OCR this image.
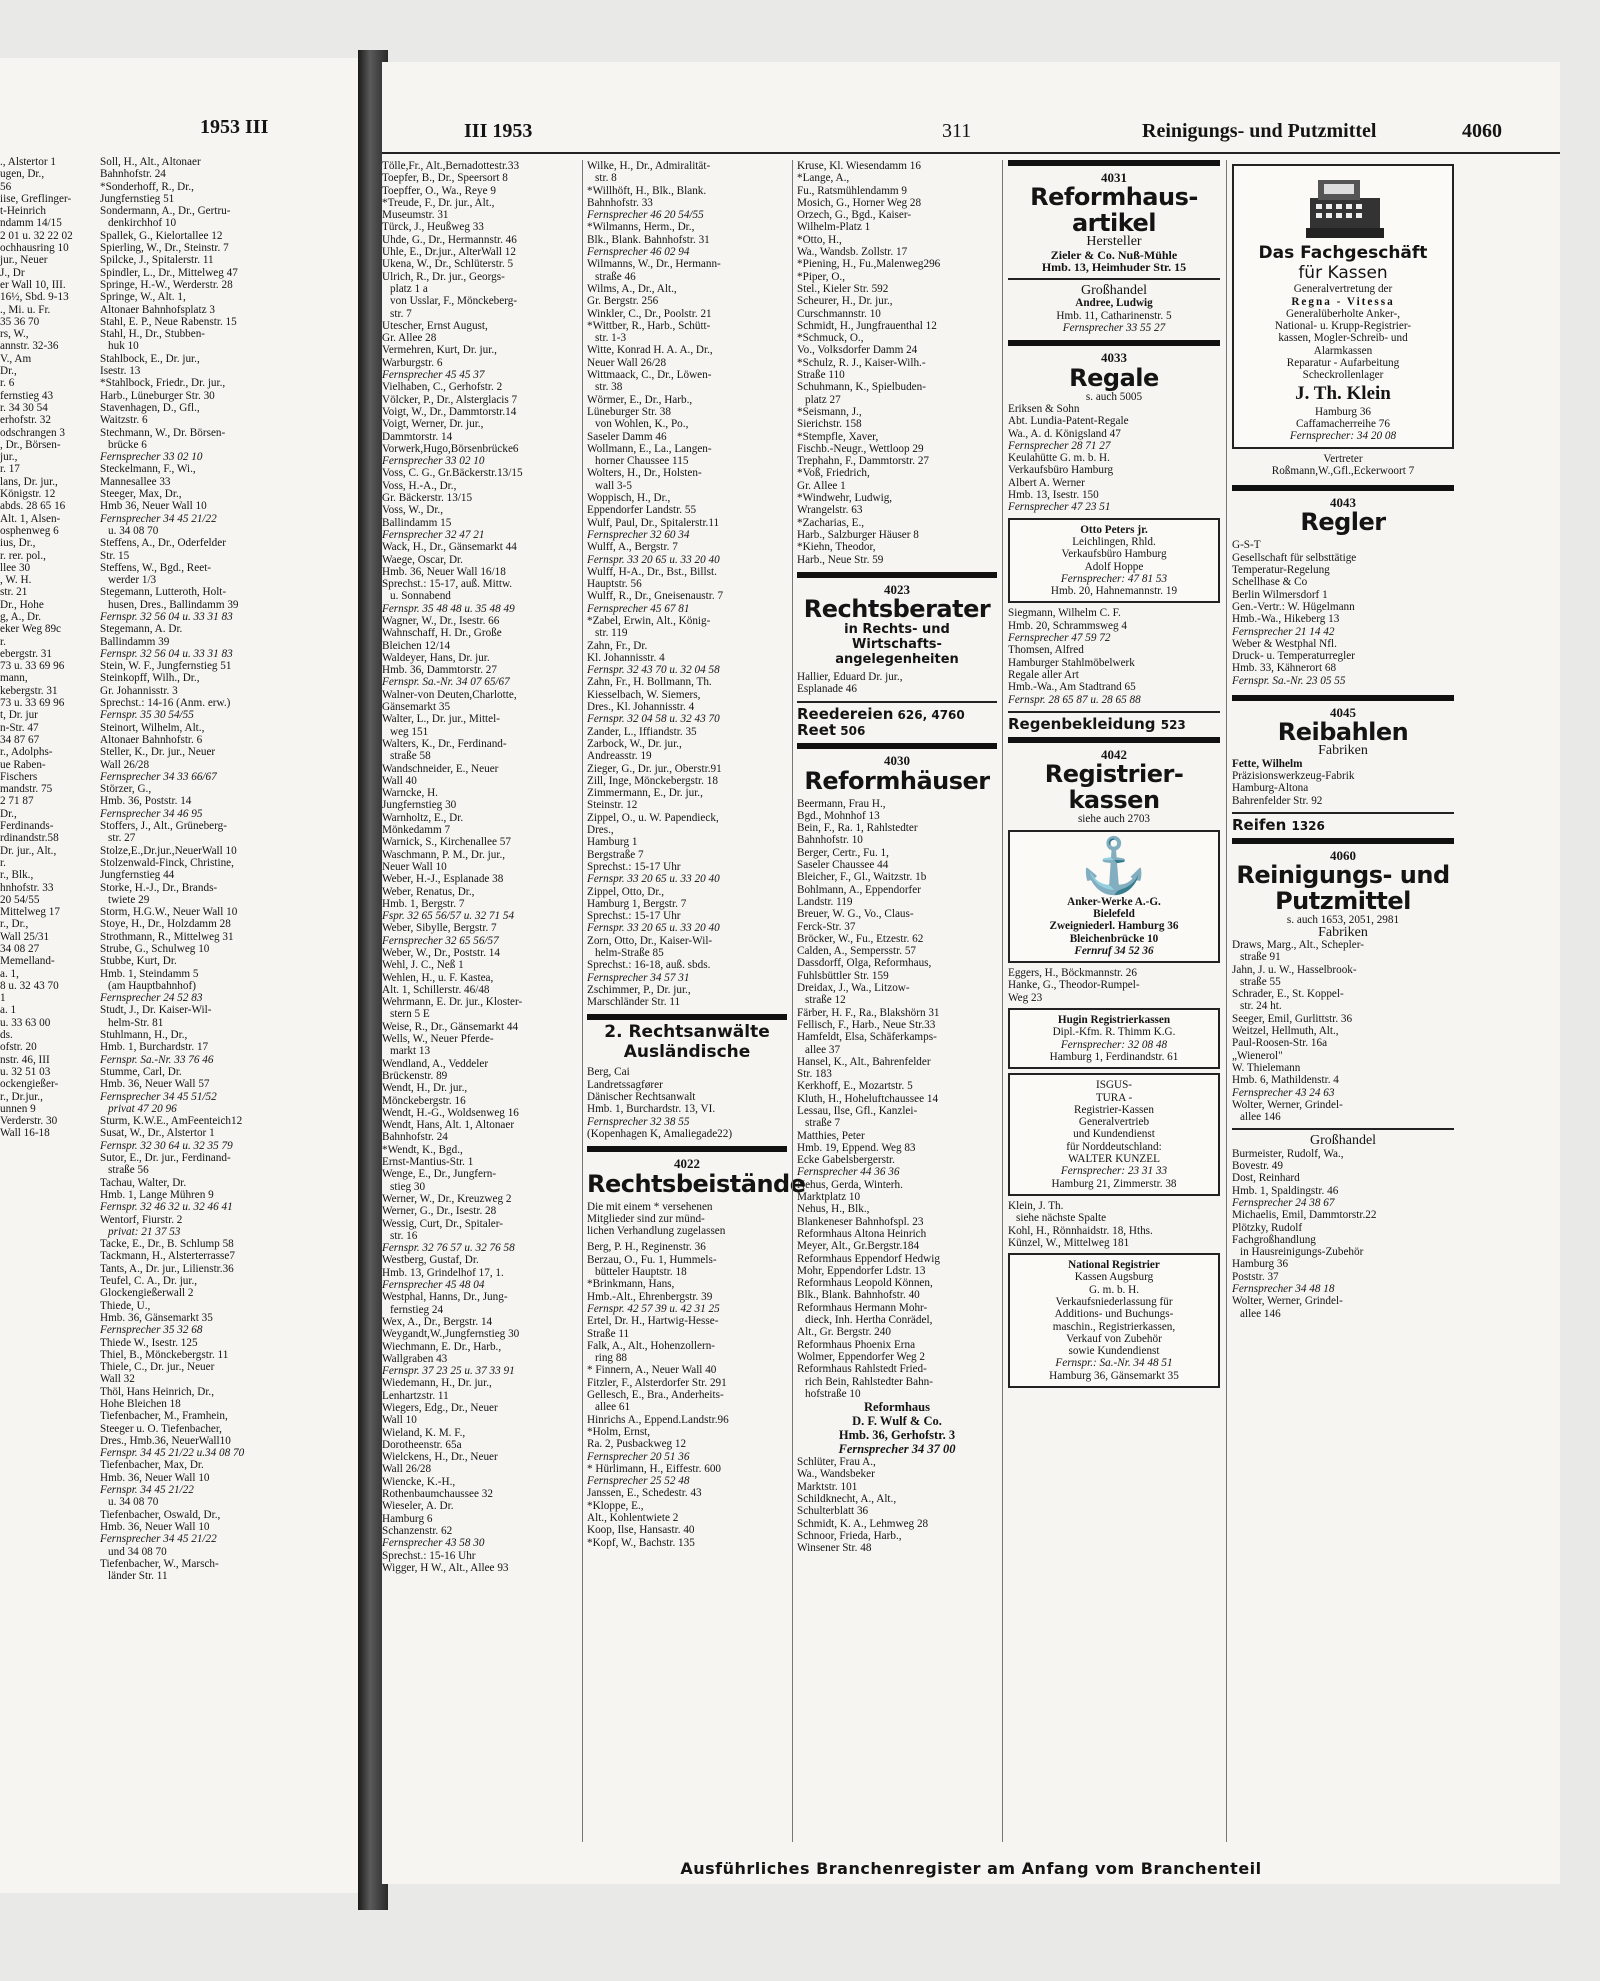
1953 III
., Alstertor 1
ugen, Dr.,
56
iise, Greflinger-
t-Heinrich
ndamm 14/15
2 01 u. 32 22 02
ochhausring 10
jur., Neuer
J., Dr
er Wall 10, III.
16½, Sbd. 9-13
., Mi. u. Fr.
35 36 70
rs, W.,
annstr. 32-36
V., Am
Dr.,
r. 6
fernstieg 43
r. 34 30 54
erhofstr. 32
odschrangen 3
, Dr., Börsen-
jur.,
r. 17
lans, Dr. jur.,
Königstr. 12
abds. 28 65 16
Alt. 1, Alsen-
osphenweg 6
ius, Dr.,
r. rer. pol.,
llee 30
, W. H.
str. 21
Dr., Hohe
g, A., Dr.
eker Weg 89c
r.
ebergstr. 31
73 u. 33 69 96
mann,
kebergstr. 31
73 u. 33 69 96
t, Dr. jur
n-Str. 47
34 87 67
r., Adolphs-
ue Raben-
Fischers
mandstr. 75
2 71 87
Dr.,
Ferdinands-
rdinandstr.58
Dr. jur., Alt.,
r.
r., Blk.,
hnhofstr. 33
20 54/55
Mittelweg 17
r., Dr.,
Wall 25/31
34 08 27
Memelland-
a. 1,
8 u. 32 43 70
1
a. 1
u. 33 63 00
ds.
ofstr. 20
nstr. 46, III
u. 32 51 03
ockengießer-
r., Dr.jur.,
unnen 9
Verderstr. 30
Wall 16-18
Soll, H., Alt., Altonaer
Bahnhofstr. 24
*Sonderhoff, R., Dr.,
Jungfernstieg 51
Sondermann, A., Dr., Gertru-
denkirchhof 10
Spallek, G., Kielortallee 12
Spierling, W., Dr., Steinstr. 7
Spilcke, J., Spitalerstr. 11
Spindler, L., Dr., Mittelweg 47
Springe, H.-W., Werderstr. 28
Springe, W., Alt. 1,
Altonaer Bahnhofsplatz 3
Stahl, E. P., Neue Rabenstr. 15
Stahl, H., Dr., Stubben-
huk 10
Stahlbock, E., Dr. jur.,
Isestr. 13
*Stahlbock, Friedr., Dr. jur.,
Harb., Lüneburger Str. 30
Stavenhagen, D., Gfl.,
Waitzstr. 6
Stechmann, W., Dr. Börsen-
brücke 6
Fernsprecher 33 02 10
Steckelmann, F., Wi.,
Mannesallee 33
Steeger, Max, Dr.,
Hmb 36, Neuer Wall 10
Fernsprecher 34 45 21/22
u. 34 08 70
Steffens, A., Dr., Oderfelder
Str. 15
Steffens, W., Bgd., Reet-
werder 1/3
Stegemann, Lutteroth, Holt-
husen, Dres., Ballindamm 39
Fernspr. 32 56 04 u. 33 31 83
Stegemann, A. Dr.
Ballindamm 39
Fernspr. 32 56 04 u. 33 31 83
Stein, W. F., Jungfernstieg 51
Steinkopff, Wilh., Dr.,
Gr. Johannisstr. 3
Sprechst.: 14-16 (Anm. erw.)
Fernspr. 35 30 54/55
Steinort, Wilhelm, Alt.,
Altonaer Bahnhofstr. 6
Steller, K., Dr. jur., Neuer
Wall 26/28
Fernsprecher 34 33 66/67
Störzer, G.,
Hmb. 36, Poststr. 14
Fernsprecher 34 46 95
Stoffers, J., Alt., Grüneberg-
str. 27
Stolze,E.,Dr.jur.,NeuerWall 10
Stolzenwald-Finck, Christine,
Jungfernstieg 44
Storke, H.-J., Dr., Brands-
twiete 29
Storm, H.G.W., Neuer Wall 10
Stoye, H., Dr., Holzdamm 28
Strothmann, R., Mittelweg 31
Strube, G., Schulweg 10
Stubbe, Kurt, Dr.
Hmb. 1, Steindamm 5
(am Hauptbahnhof)
Fernsprecher 24 52 83
Studt, J., Dr. Kaiser-Wil-
helm-Str. 81
Stuhlmann, H., Dr.,
Hmb. 1, Burchardstr. 17
Fernspr. Sa.-Nr. 33 76 46
Stumme, Carl, Dr.
Hmb. 36, Neuer Wall 57
Fernsprecher 34 45 51/52
privat 47 20 96
Sturm, K.W.E., AmFeenteich12
Susat, W., Dr., Alstertor 1
Fernspr. 32 30 64 u. 32 35 79
Sutor, E., Dr. jur., Ferdinand-
straße 56
Tachau, Walter, Dr.
Hmb. 1, Lange Mühren 9
Fernspr. 32 46 32 u. 32 46 41
Wentorf, Fiurstr. 2
privat: 21 37 53
Tacke, E., Dr., B. Schlump 58
Tackmann, H., Alsterterrasse7
Tants, A., Dr. jur., Lilienstr.36
Teufel, C. A., Dr. jur.,
Glockengießerwall 2
Thiede, U.,
Hmb. 36, Gänsemarkt 35
Fernsprecher 35 32 68
Thiede W., Isestr. 125
Thiel, B., Mönckebergstr. 11
Thiele, C., Dr. jur., Neuer
Wall 32
Thöl, Hans Heinrich, Dr.,
Hohe Bleichen 18
Tiefenbacher, M., Framhein,
Steeger u. O. Tiefenbacher,
Dres., Hmb.36, NeuerWall10
Fernspr. 34 45 21/22 u.34 08 70
Tiefenbacher, Max, Dr.
Hmb. 36, Neuer Wall 10
Fernspr. 34 45 21/22
u. 34 08 70
Tiefenbacher, Oswald, Dr.,
Hmb. 36, Neuer Wall 10
Fernsprecher 34 45 21/22
und 34 08 70
Tiefenbacher, W., Marsch-
länder Str. 11
III 1953	311	Reinigungs- und Putzmittel	4060
Tölle,Fr., Alt.,Bernadottestr.33
Toepfer, B., Dr., Speersort 8
Toepffer, O., Wa., Reye 9
*Treude, F., Dr. jur., Alt.,
Museumstr. 31
Türck, J., Heußweg 33
Uhde, G., Dr., Hermannstr. 46
Uhle, E., Dr.jur., AlterWall 12
Ukena, W., Dr., Schlüterstr. 5
Ulrich, R., Dr. jur., Georgs-
platz 1 a
von Usslar, F., Mönckeberg-
str. 7
Utescher, Ernst August,
Gr. Allee 28
Vermehren, Kurt, Dr. jur.,
Warburgstr. 6
Fernsprecher 45 45 37
Vielhaben, C., Gerhofstr. 2
Völcker, P., Dr., Alsterglacis 7
Voigt, W., Dr., Dammtorstr.14
Voigt, Werner, Dr. jur.,
Dammtorstr. 14
Vorwerk,Hugo,Börsenbrücke6
Fernsprecher 33 02 10
Voss, C. G., Gr.Bäckerstr.13/15
Voss, H.-A., Dr.,
Gr. Bäckerstr. 13/15
Voss, W., Dr.,
Ballindamm 15
Fernsprecher 32 47 21
Wack, H., Dr., Gänsemarkt 44
Waege, Oscar, Dr.
Hmb. 36, Neuer Wall 16/18
Sprechst.: 15-17, auß. Mittw.
u. Sonnabend
Fernspr. 35 48 48 u. 35 48 49
Wagner, W., Dr., Isestr. 66
Wahnschaff, H. Dr., Große
Bleichen 12/14
Waldeyer, Hans, Dr. jur.
Hmb. 36, Dammtorstr. 27
Fernspr. Sa.-Nr. 34 07 65/67
Walner-von Deuten,Charlotte,
Gänsemarkt 35
Walter, L., Dr. jur., Mittel-
weg 151
Walters, K., Dr., Ferdinand-
straße 58
Wandschneider, E., Neuer
Wall 40
Warncke, H.
Jungfernstieg 30
Warnholtz, E., Dr.
Mönkedamm 7
Warnick, S., Kirchenallee 57
Waschmann, P. M., Dr. jur.,
Neuer Wall 10
Weber, H.-J., Esplanade 38
Weber, Renatus, Dr.,
Hmb. 1, Bergstr. 7
Fspr. 32 65 56/57 u. 32 71 54
Weber, Sibylle, Bergstr. 7
Fernsprecher 32 65 56/57
Weber, W., Dr., Poststr. 14
Wehl, J. C., Neß 1
Wehlen, H., u. F. Kastea,
Alt. 1, Schillerstr. 46/48
Wehrmann, E. Dr. jur., Kloster-
stern 5 E
Weise, R., Dr., Gänsemarkt 44
Wells, W., Neuer Pferde-
markt 13
Wendland, A., Veddeler
Brückenstr. 89
Wendt, H., Dr. jur.,
Mönckebergstr. 16
Wendt, H.-G., Woldsenweg 16
Wendt, Hans, Alt. 1, Altonaer
Bahnhofstr. 24
*Wendt, K., Bgd.,
Ernst-Mantius-Str. 1
Wenge, E., Dr., Jungfern-
stieg 30
Werner, W., Dr., Kreuzweg 2
Werner, G., Dr., Isestr. 28
Wessig, Curt, Dr., Spitaler-
str. 16
Fernspr. 32 76 57 u. 32 76 58
Westberg, Gustaf, Dr.
Hmb. 13, Grindelhof 17, 1.
Fernsprecher 45 48 04
Westphal, Hanns, Dr., Jung-
fernstieg 24
Wex, A., Dr., Bergstr. 14
Weygandt,W.,Jungfernstieg 30
Wiechmann, E. Dr., Harb.,
Wallgraben 43
Fernspr. 37 23 25 u. 37 33 91
Wiedemann, H., Dr. jur.,
Lenhartzstr. 11
Wiegers, Edg., Dr., Neuer
Wall 10
Wieland, K. M. F.,
Dorotheenstr. 65a
Wielckens, H., Dr., Neuer
Wall 26/28
Wiencke, K.-H.,
Rothenbaumchaussee 32
Wieseler, A. Dr.
Hamburg 6
Schanzenstr. 62
Fernsprecher 43 58 30
Sprechst.: 15-16 Uhr
Wigger, H W., Alt., Allee 93
Wilke, H., Dr., Admiralität-
str. 8
*Willhöft, H., Blk., Blank.
Bahnhofstr. 33
Fernsprecher 46 20 54/55
*Wilmanns, Herm., Dr.,
Blk., Blank. Bahnhofstr. 31
Fernsprecher 46 02 94
Wilmanns, W., Dr., Hermann-
straße 46
Wilms, A., Dr., Alt.,
Gr. Bergstr. 256
Winkler, C., Dr., Poolstr. 21
*Wittber, R., Harb., Schütt-
str. 1-3
Witte, Konrad H. A. A., Dr.,
Neuer Wall 26/28
Wittmaack, C., Dr., Löwen-
str. 38
Wörmer, E., Dr., Harb.,
Lüneburger Str. 38
von Wohlen, K., Po.,
Saseler Damm 46
Wollmann, E., La., Langen-
horner Chaussee 115
Wolters, H., Dr., Holsten-
wall 3-5
Woppisch, H., Dr.,
Eppendorfer Landstr. 55
Wulf, Paul, Dr., Spitalerstr.11
Fernsprecher 32 60 34
Wulff, A., Bergstr. 7
Fernspr. 33 20 65 u. 33 20 40
Wulff, H-A., Dr., Bst., Billst.
Hauptstr. 56
Wulff, R., Dr., Gneisenaustr. 7
Fernsprecher 45 67 81
*Zabel, Erwin, Alt., König-
str. 119
Zahn, Fr., Dr.
Kl. Johannisstr. 4
Fernspr. 32 43 70 u. 32 04 58
Zahn, Fr., H. Bollmann, Th.
Kiesselbach, W. Siemers,
Dres., Kl. Johannisstr. 4
Fernspr. 32 04 58 u. 32 43 70
Zander, L., Iffiandstr. 35
Zarbock, W., Dr. jur.,
Andreasstr. 19
Zieger, G., Dr. jur., Oberstr.91
Zill, Inge, Mönckebergstr. 18
Zimmermann, E., Dr. jur.,
Steinstr. 12
Zippel, O., u. W. Papendieck,
Dres.,
Hamburg 1
Bergstraße 7
Sprechst.: 15-17 Uhr
Fernspr. 33 20 65 u. 33 20 40
Zippel, Otto, Dr.,
Hamburg 1, Bergstr. 7
Sprechst.: 15-17 Uhr
Fernspr. 33 20 65 u. 33 20 40
Zorn, Otto, Dr., Kaiser-Wil-
helm-Straße 85
Sprechst.: 16-18, auß. sbds.
Fernsprecher 34 57 31
Zschimmer, P., Dr. jur.,
Marschländer Str. 11
2. Rechtsanwälte Ausländische
Berg, Cai
Landretssagfører
Dänischer Rechtsanwalt
Hmb. 1, Burchardstr. 13, VI.
Fernsprecher 32 38 55
(Kopenhagen K, Amaliegade22)
4022
Rechtsbeistände
Die mit einem * versehenen
Mitglieder sind zur münd-
lichen Verhandlung zugelassen
Berg, P. H., Reginenstr. 36
Berzau, O., Fu. 1, Hummels-
bütteler Hauptstr. 18
*Brinkmann, Hans,
Hmb.-Alt., Ehrenbergstr. 39
Fernspr. 42 57 39 u. 42 31 25
Ertel, Dr. H., Hartwig-Hesse-
Straße 11
Falk, A., Alt., Hohenzollern-
ring 88
* Finnern, A., Neuer Wall 40
Fitzler, F., Alsterdorfer Str. 291
Gellesch, E., Bra., Anderheits-
allee 61
Hinrichs A., Eppend.Landstr.96
*Holm, Ernst,
Ra. 2, Pusbackweg 12
Fernsprecher 20 51 36
* Hürlimann, H., Eiffestr. 600
Fernsprecher 25 52 48
Janssen, E., Schedestr. 43
*Kloppe, E.,
Alt., Kohlentwiete 2
Koop, Ilse, Hansastr. 40
*Kopf, W., Bachstr. 135
Kruse, Kl. Wiesendamm 16
*Lange, A.,
Fu., Ratsmühlendamm 9
Mosich, G., Horner Weg 28
Orzech, G., Bgd., Kaiser-
Wilhelm-Platz 1
*Otto, H.,
Wa., Wandsb. Zollstr. 17
*Piening, H., Fu.,Malenweg296
*Piper, O.,
Stel., Kieler Str. 592
Scheurer, H., Dr. jur.,
Curschmannstr. 10
Schmidt, H., Jungfrauenthal 12
*Schmuck, O.,
Vo., Volksdorfer Damm 24
*Schulz, R. J., Kaiser-Wilh.-
Straße 110
Schuhmann, K., Spielbuden-
platz 27
*Seismann, J.,
Sierichstr. 158
*Stempfle, Xaver,
Fischb.-Neugr., Wettloop 29
Trephahn, F., Dammtorstr. 27
*Voß, Friedrich,
Gr. Allee 1
*Windwehr, Ludwig,
Wrangelstr. 63
*Zacharias, E.,
Harb., Salzburger Häuser 8
*Kiehn, Theodor,
Harb., Neue Str. 59
4023
Rechtsberater
in Rechts- und Wirtschafts-angelegenheiten
Hallier, Eduard Dr. jur.,
Esplanade 46
Reedereien 626, 4760
Reet 506
4030
Reformhäuser
Beermann, Frau H.,
Bgd., Mohnhof 13
Bein, F., Ra. 1, Rahlstedter
Bahnhofstr. 10
Berger, Certr., Fu. 1,
Saseler Chaussee 44
Bleicher, F., Gl., Waitzstr. 1b
Bohlmann, A., Eppendorfer
Landstr. 119
Breuer, W. G., Vo., Claus-
Ferck-Str. 37
Bröcker, W., Fu., Etzestr. 62
Calden, A., Sempersstr. 57
Dassdorff, Olga, Reformhaus,
Fuhlsbüttler Str. 159
Dreidax, J., Wa., Litzow-
straße 12
Färber, H. F., Ra., Blakshörn 31
Fellisch, F., Harb., Neue Str.33
Hamfeldt, Elsa, Schäferkamps-
allee 37
Hansel, K., Alt., Bahrenfelder
Str. 183
Kerkhoff, E., Mozartstr. 5
Kluth, H., Hoheluftchaussee 14
Lessau, Ilse, Gfl., Kanzlei-
straße 7
Matthies, Peter
Hmb. 19, Eppend. Weg 83
Ecke Gabelsbergerstr.
Fernsprecher 44 36 36
Nehus, Gerda, Winterh.
Marktplatz 10
Nehus, H., Blk.,
Blankeneser Bahnhofspl. 23
Reformhaus Altona Heinrich
Meyer, Alt., Gr.Bergstr.184
Reformhaus Eppendorf Hedwig
Mohr, Eppendorfer Ldstr. 13
Reformhaus Leopold Können,
Blk., Blank. Bahnhofstr. 40
Reformhaus Hermann Mohr-
dieck, Inh. Hertha Conrädel,
Alt., Gr. Bergstr. 240
Reformhaus Phoenix Erna
Wolmer, Eppendorfer Weg 2
Reformhaus Rahlstedt Fried-
rich Bein, Rahlstedter Bahn-
hofstraße 10
Reformhaus
D. F. Wulf & Co.
Hmb. 36, Gerhofstr. 3
Fernsprecher 34 37 00
Schlüter, Frau A.,
Wa., Wandsbeker
Marktstr. 101
Schildknecht, A., Alt.,
Schulterblatt 36
Schmidt, K. A., Lehmweg 28
Schnoor, Frieda, Harb.,
Winsener Str. 48
4031
Reformhaus-artikel
Hersteller
Zieler & Co. Nuß-Mühle
Hmb. 13, Heimhuder Str. 15
Großhandel
Andree, Ludwig
Hmb. 11, Catharinenstr. 5
Fernsprecher 33 55 27
4033
Regale
s. auch 5005
Eriksen & Sohn
Abt. Lundia-Patent-Regale
Wa., A. d. Königsland 47
Fernsprecher 28 71 27
Keulahütte G. m. b. H.
Verkaufsbüro Hamburg
Albert A. Werner
Hmb. 13, Isestr. 150
Fernsprecher 47 23 51
Otto Peters jr.
Leichlingen, Rhld.
Verkaufsbüro Hamburg
Adolf Hoppe
Fernsprecher: 47 81 53
Hmb. 20, Hahnemannstr. 19
Siegmann, Wilhelm C. F.
Hmb. 20, Schrammsweg 4
Fernsprecher 47 59 72
Thomsen, Alfred
Hamburger Stahlmöbelwerk
Regale aller Art
Hmb.-Wa., Am Stadtrand 65
Fernspr. 28 65 87 u. 28 65 88
Regenbekleidung 523
4042
Registrier-kassen
siehe auch 2703
⚓
Anker-Werke A.-G.
Bielefeld
Zweigniederl. Hamburg 36
Bleichenbrücke 10
Fernruf 34 52 36
Eggers, H., Böckmannstr. 26
Hanke, G., Theodor-Rumpel-
Weg 23
Hugin Registrierkassen
Dipl.-Kfm. R. Thimm K.G.
Fernsprecher: 32 08 48
Hamburg 1, Ferdinandstr. 61
ISGUS-
TURA -
Registrier-Kassen
Generalvertrieb
und Kundendienst
für Norddeutschland:
WALTER KUNZEL
Fernsprecher: 23 31 33
Hamburg 21, Zimmerstr. 38
Klein, J. Th.
siehe nächste Spalte
Kohl, H., Rönnhaidstr. 18, Hths.
Künzel, W., Mittelweg 181
National Registrier
Kassen Augsburg
G. m. b. H.
Verkaufsniederlassung für
Additions- und Buchungs-
maschin., Registrierkassen,
Verkauf von Zubehör
sowie Kundendienst
Fernspr.: Sa.-Nr. 34 48 51
Hamburg 36, Gänsemarkt 35
Das Fachgeschäft
für Kassen
Generalvertretung der
Regna - Vitessa
Generalüberholte Anker-,
National- u. Krupp-Registrier-
kassen, Mogler-Schreib- und
Alarmkassen
Reparatur - Aufarbeitung
Scheckrollenlager
J. Th. Klein
Hamburg 36
Caffamacherreihe 76
Fernsprecher: 34 20 08
Vertreter
Roßmann,W.,Gfl.,Eckerwoort 7
4043
Regler
G-S-T
Gesellschaft für selbsttätige
Temperatur-Regelung
Schellhase & Co
Berlin Wilmersdorf 1
Gen.-Vertr.: W. Hügelmann
Hmb.-Wa., Hikeberg 13
Fernsprecher 21 14 42
Weber & Westphal Nfl.
Druck- u. Temperaturregler
Hmb. 33, Kähnerort 68
Fernspr. Sa.-Nr. 23 05 55
4045
Reibahlen
Fabriken
Fette, Wilhelm
Präzisionswerkzeug-Fabrik
Hamburg-Altona
Bahrenfelder Str. 92
Reifen 1326
4060
Reinigungs- und Putzmittel
s. auch 1653, 2051, 2981
Fabriken
Draws, Marg., Alt., Schepler-
straße 91
Jahn, J. u. W., Hasselbrook-
straße 55
Schrader, E., St. Koppel-
str. 24 ht.
Seeger, Emil, Gurlittstr. 36
Weitzel, Hellmuth, Alt.,
Paul-Roosen-Str. 16a
„Wienerol"
W. Thielemann
Hmb. 6, Mathildenstr. 4
Fernsprecher 43 24 63
Wolter, Werner, Grindel-
allee 146
Großhandel
Burmeister, Rudolf, Wa.,
Bovestr. 49
Dost, Reinhard
Hmb. 1, Spaldingstr. 46
Fernsprecher 24 38 67
Michaelis, Emil, Dammtorstr.22
Plötzky, Rudolf
Fachgroßhandlung
in Hausreinigungs-Zubehör
Hamburg 36
Poststr. 37
Fernsprecher 34 48 18
Wolter, Werner, Grindel-
allee 146
Ausführliches Branchenregister am Anfang vom Branchenteil
